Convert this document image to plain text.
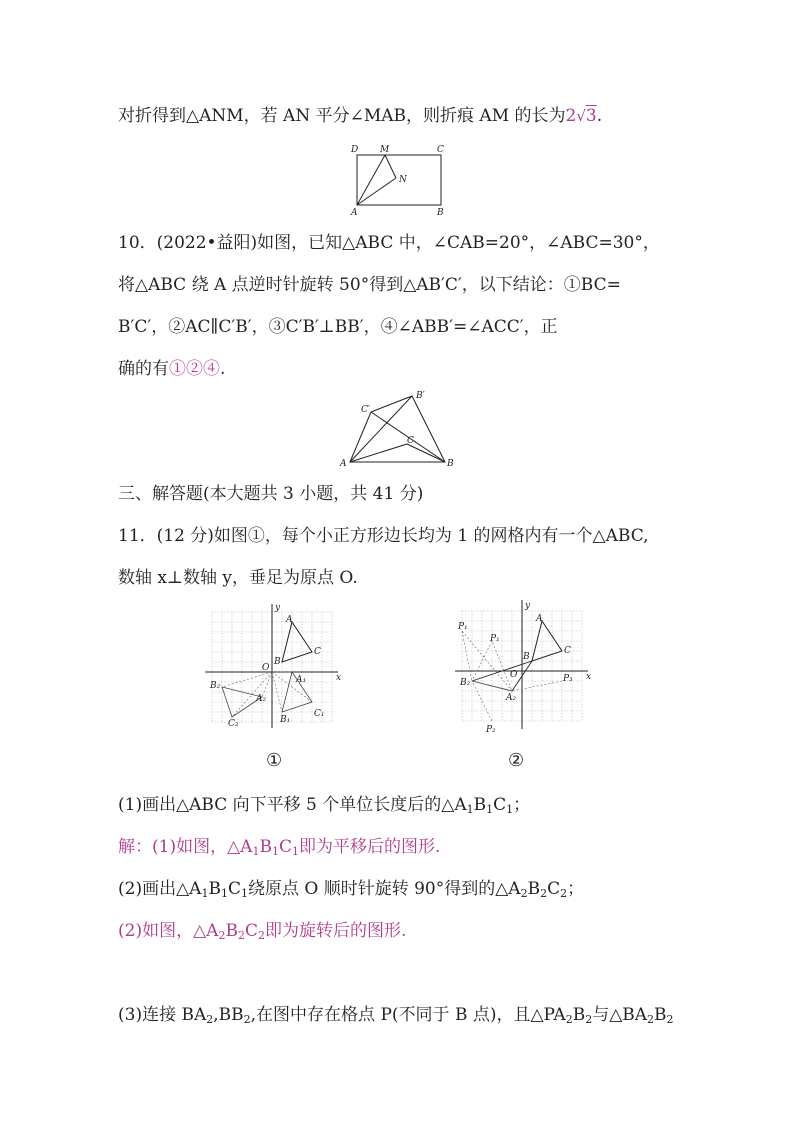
对折得到△ANM，若 AN 平分∠MAB，则折痕 AM 的长为2√3.
D M	C
N
A	B
10．(2022•益阳)如图，已知△ABC 中，∠CAB=20°，∠ABC=30°，
将△ABC 绕 A 点逆时针旋转 50°得到△AB′C′，以下结论：①BC=
B′C′，②AC∥C′B′，③C′B′⊥BB′，④∠ABB′=∠ACC′，正
确的有①②④.
C′
B′
C
A	B
三、解答题(本大题共 3 小题，共 41 分)
11．(12 分)如图①，每个小正方形边长均为 1 的网格内有一个△ABC,
数轴 x⊥数轴 y，垂足为原点 O.
y
x
O
A
B
C
A₁
B₁
C₁
A₂
B₂
C₂
y
x
O
A
B
C
P₁
P₁
B₂
A₂
P₂
P₃
①	②
(1)画出△ABC 向下平移 5 个单位长度后的$\triangle A_1B_1C_1$；
解：(1)如图，$\triangle A_1B_1C_1$即为平移后的图形.
(2)画出$\triangle A_1B_1C_1$绕原点 O 顺时针旋转 90°得到的$\triangle A_2B_2C_2$；
(2)如图，$\triangle A_2B_2C_2$即为旋转后的图形.
(3)连接 $BA_2,BB_2$,在图中存在格点 P(不同于 B 点)，且$\triangle PA_2B_2$与$\triangle BA_2B_2$
